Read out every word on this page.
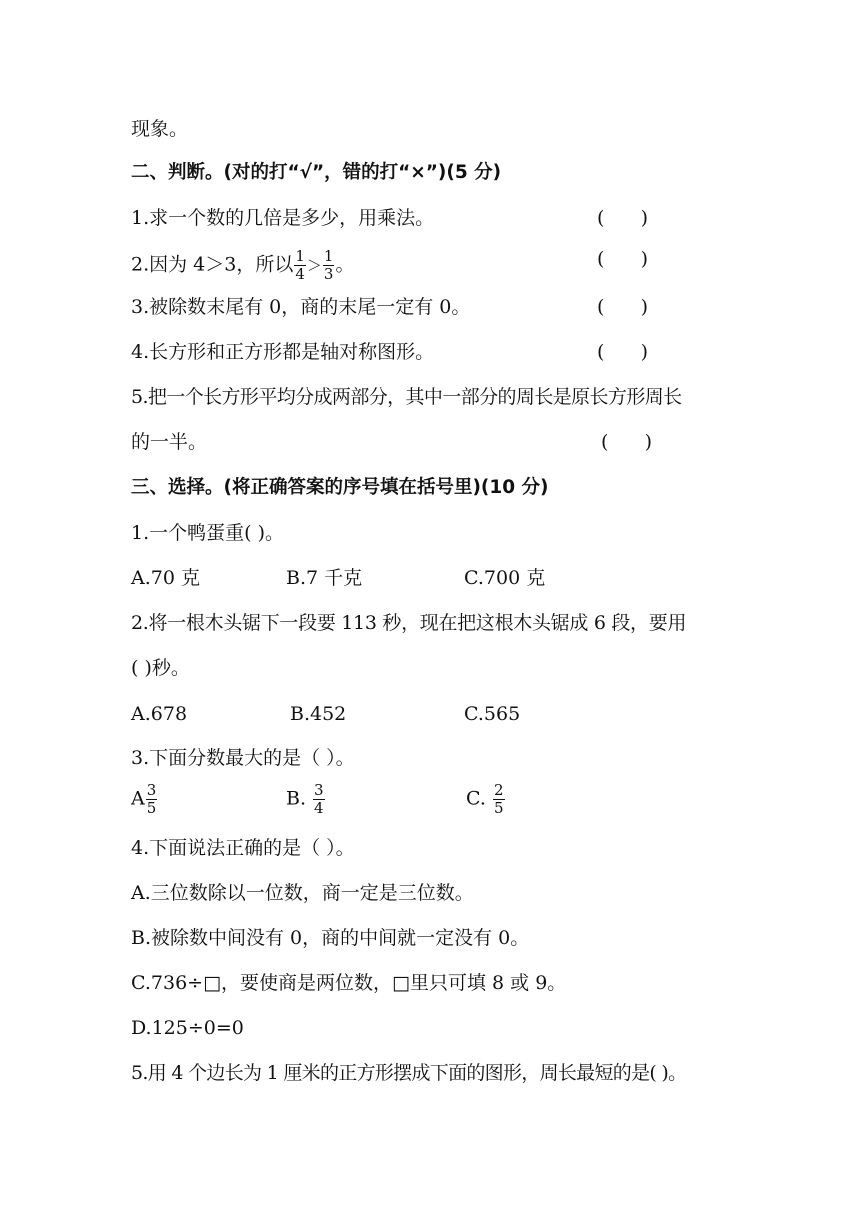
现象。
二、判断。(对的打“√”，错的打“×”)(5 分)
1.求一个数的几倍是多少，用乘法。	(      )
2.因为 4＞3，所以 $\frac{1}{4} > \frac{1}{3}$ 。	(      )
3.被除数末尾有 0，商的末尾一定有 0。	(      )
4.长方形和正方形都是轴对称图形。	(      )
5.把一个长方形平均分成两部分，其中一部分的周长是原长方形周长
的一半。	(      )
三、选择。(将正确答案的序号填在括号里)(10 分)
1.一个鸭蛋重( )。
A.70 克	B.7 千克	C.700 克
2.将一根木头锯下一段要 113 秒，现在把这根木头锯成 6 段，要用
( )秒。
A.678	B.452	C.565
3.下面分数最大的是（ ）。
A $\frac{3}{5}$	B. $\frac{3}{4}$	C. $\frac{2}{5}$
4.下面说法正确的是（ ）。
A.三位数除以一位数，商一定是三位数。
B.被除数中间没有 0，商的中间就一定没有 0。
C.736÷□，要使商是两位数，□里只可填 8 或 9。
D.125÷0=0
5.用 4 个边长为 1 厘米的正方形摆成下面的图形，周长最短的是( )。
